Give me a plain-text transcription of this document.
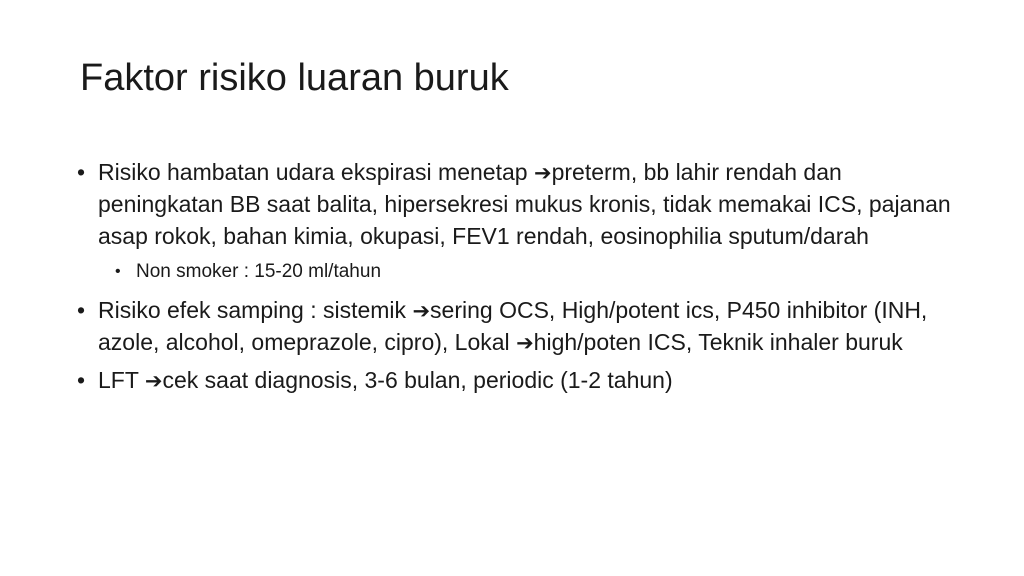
Faktor risiko luaran buruk
• Risiko hambatan udara ekspirasi menetap ➔preterm, bb lahir rendah dan peningkatan BB saat balita, hipersekresi mukus kronis, tidak memakai ICS, pajanan asap rokok, bahan kimia, okupasi, FEV1 rendah, eosinophilia sputum/darah
• Non smoker : 15-20 ml/tahun
• Risiko efek samping : sistemik ➔sering OCS, High/potent ics, P450 inhibitor (INH, azole, alcohol, omeprazole, cipro), Lokal ➔high/poten ICS, Teknik inhaler buruk
• LFT ➔cek saat diagnosis, 3-6 bulan, periodic (1-2 tahun)
